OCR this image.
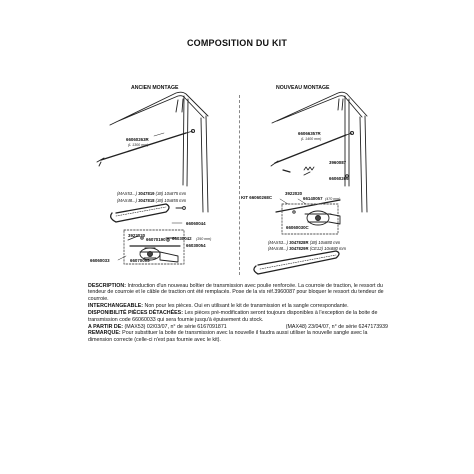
COMPOSITION DU KIT
ANCIEN MONTAGE	NOUVEAU MONTAGE
66060263R
(L 1300 mm)
(MAX53...) 3047819 (38) 10x875 mm
(MAX48...) 3047818 (38) 10x855 mm
66060044
3922020
66070190 66030042 (350 mm)
66030054
66060033	66070095
66066357R
(L 1400 mm)
3960087
66060266
KIT 66060268C
3922020
66140057 (470 mm)
66060030C
(MAX53...) 3047828R (38) 10x880 mm
(MAX48...) 3047829R (CE12) 10x880 mm

DESCRIPTION: Introduction d'un nouveau boîtier de transmission avec poulie renforcée. La courroie de traction, le ressort du tendeur de courroie et le câble de traction ont été remplacés. Pose de la vis réf.3960087 pour bloquer le ressort du tendeur de courroie.

INTERCHANGEABLE: Non pour les pièces. Oui en utilisant le kit de transmission et la sangle correspondante.

DISPONIBILITÉ PIÈCES DÉTACHÉES: Les pièces pré-modification seront toujours disponibles à l'exception de la boite de transmission code 66060033 qui sera fournie jusqu'à épuisement du stock.

A PARTIR DE: (MAX53) 02/03/07, n° de série 6167091871	(MAX48) 23/04/07, n° de série 6247173939

REMARQUE: Pour substituer la boite de transmission avec la nouvelle il faudra aussi utiliser la nouvelle sangle avec la dimension correcte (celle-ci n'est pas fournie avec le kit).
